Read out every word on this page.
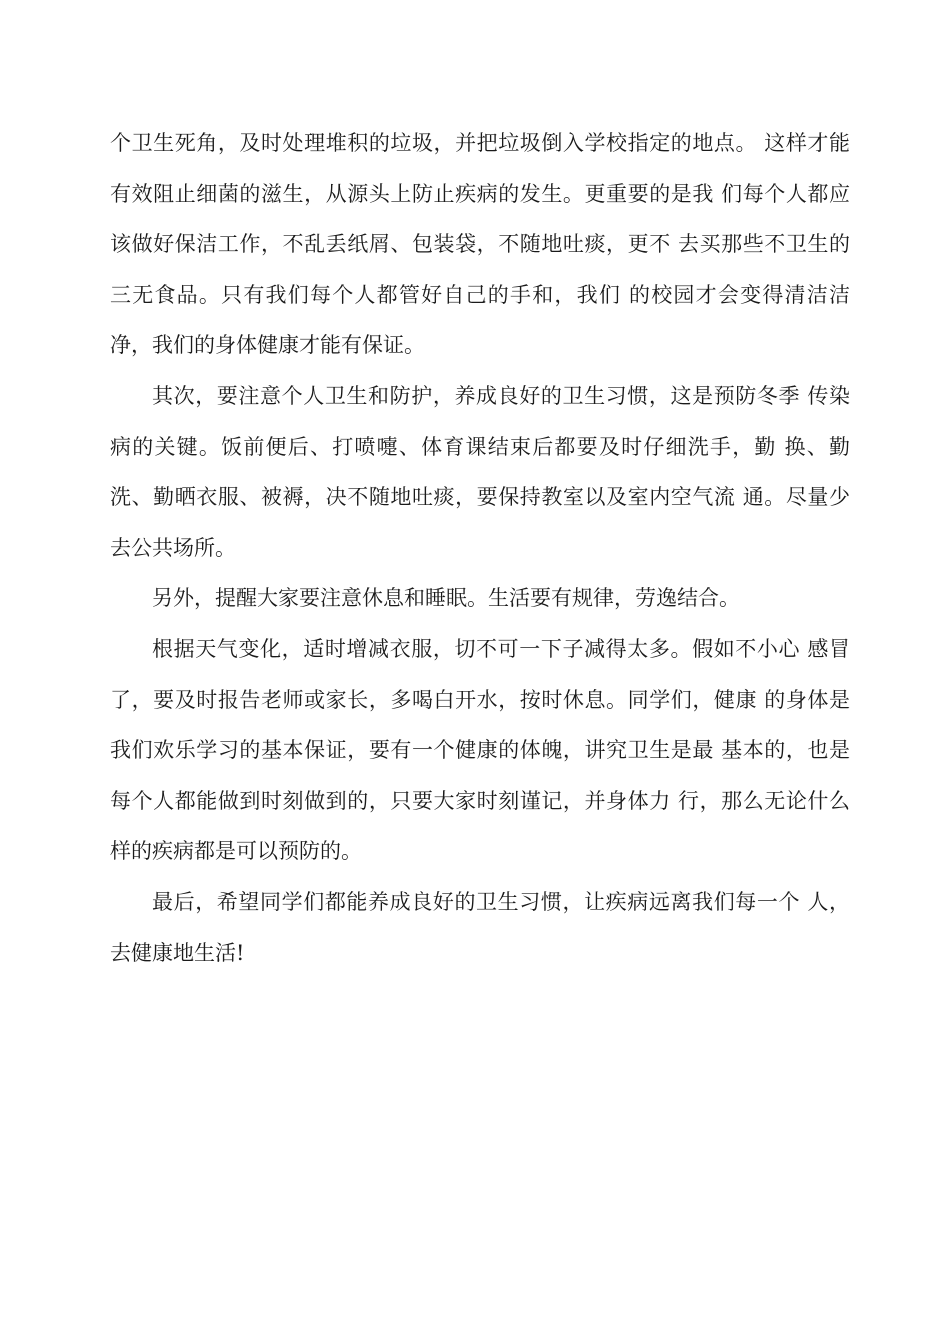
个卫生死角，及时处理堆积的垃圾，并把垃圾倒入学校指定的地点。 这样才能有效阻止细菌的滋生，从源头上防止疾病的发生。更重要的是我 们每个人都应该做好保洁工作，不乱丢纸屑、包装袋，不随地吐痰，更不 去买那些不卫生的三无食品。只有我们每个人都管好自己的手和，我们 的校园才会变得清洁洁净，我们的身体健康才能有保证。

其次，要注意个人卫生和防护，养成良好的卫生习惯，这是预防冬季 传染病的关键。饭前便后、打喷嚏、体育课结束后都要及时仔细洗手，勤 换、勤洗、勤晒衣服、被褥，决不随地吐痰，要保持教室以及室内空气流 通。尽量少去公共场所。

另外，提醒大家要注意休息和睡眠。生活要有规律，劳逸结合。

根据天气变化，适时增减衣服，切不可一下子减得太多。假如不小心 感冒了，要及时报告老师或家长，多喝白开水，按时休息。同学们，健康 的身体是我们欢乐学习的基本保证，要有一个健康的体魄，讲究卫生是最 基本的，也是每个人都能做到时刻做到的，只要大家时刻谨记，并身体力 行，那么无论什么样的疾病都是可以预防的。

最后，希望同学们都能养成良好的卫生习惯，让疾病远离我们每一个 人，去健康地生活!
